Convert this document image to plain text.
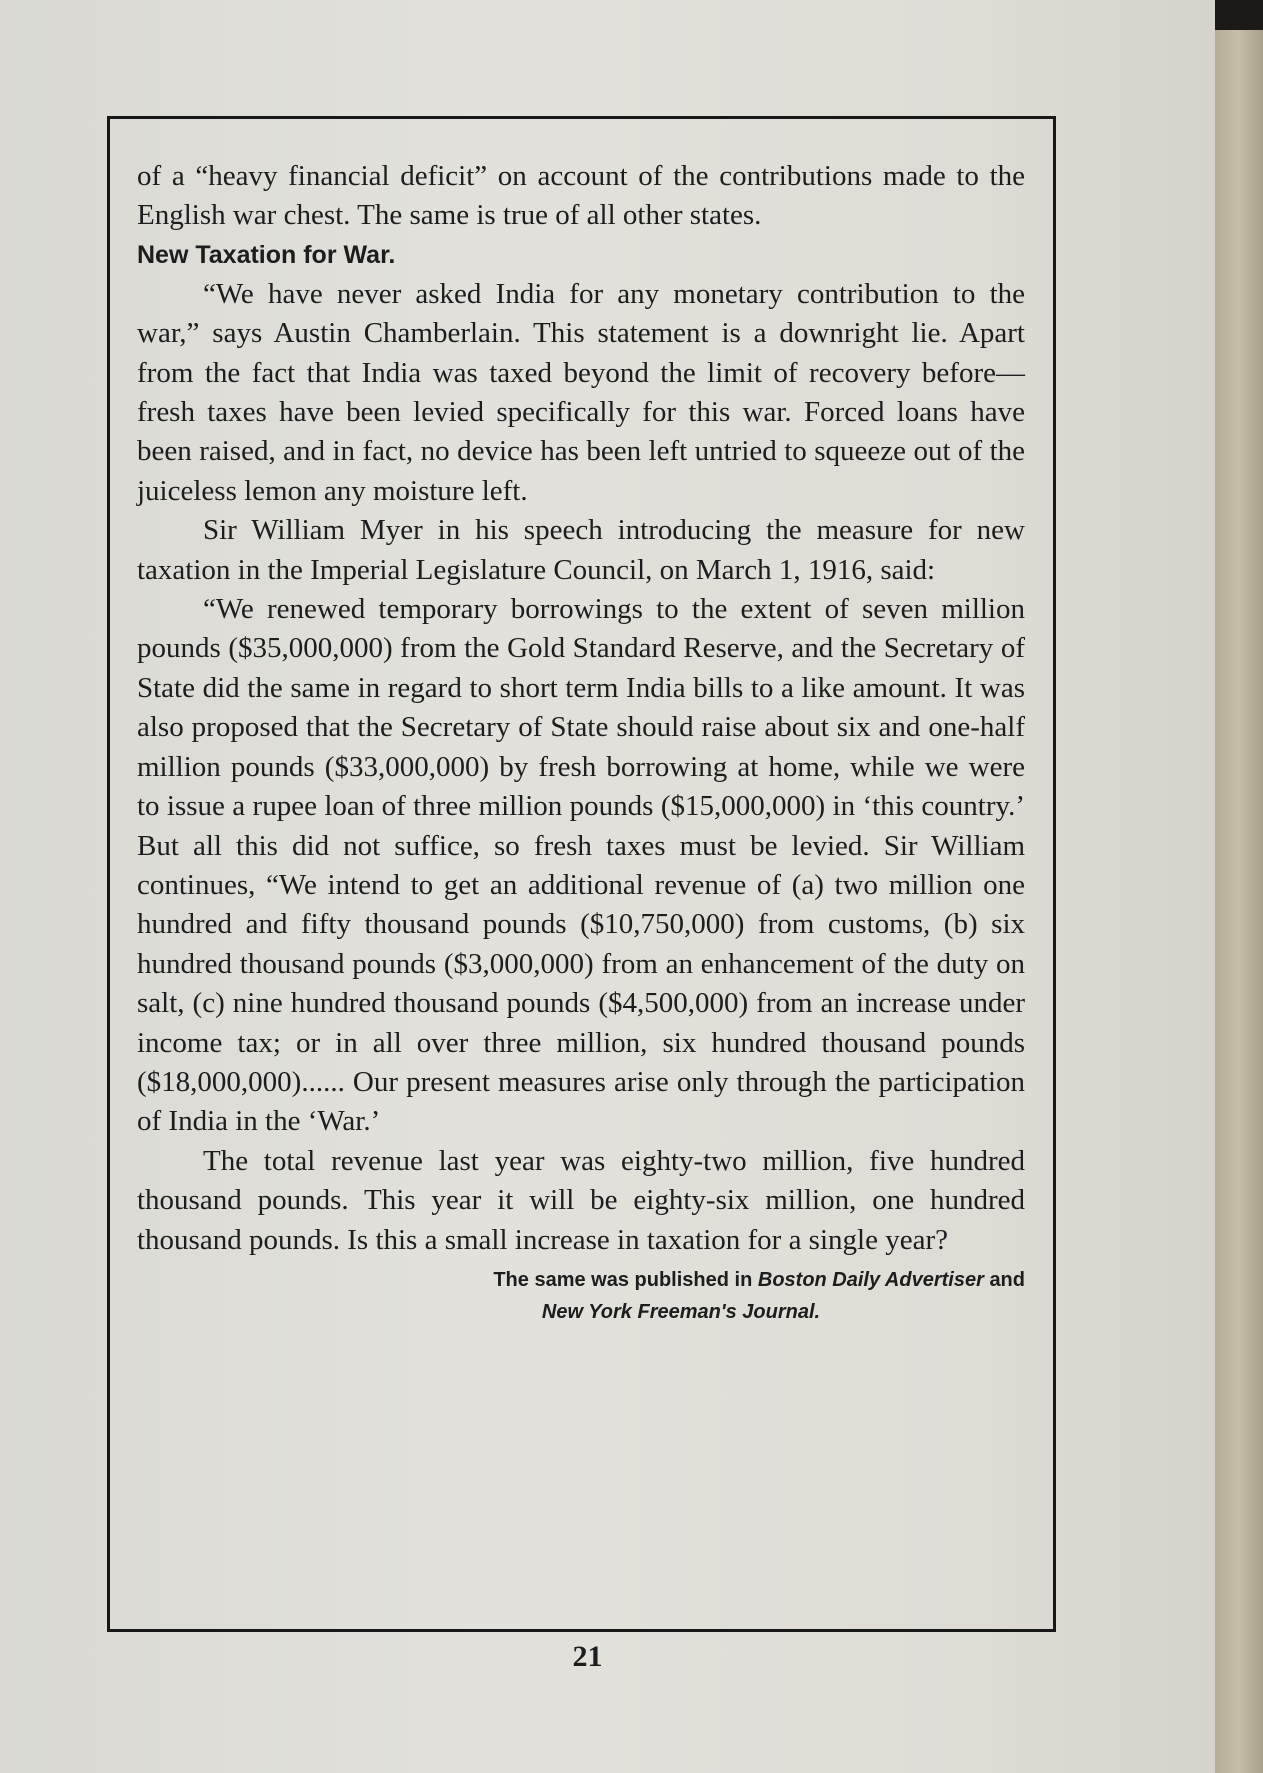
of a “heavy financial deficit” on account of the contributions made to the English war chest. The same is true of all other states.

New Taxation for War.

“We have never asked India for any monetary contribution to the war,” says Austin Chamberlain. This statement is a downright lie. Apart from the fact that India was taxed beyond the limit of recovery before—fresh taxes have been levied specifically for this war. Forced loans have been raised, and in fact, no device has been left untried to squeeze out of the juiceless lemon any moisture left.

Sir William Myer in his speech introducing the measure for new taxation in the Imperial Legislature Council, on March 1, 1916, said:

“We renewed temporary borrowings to the extent of seven million pounds ($35,000,000) from the Gold Standard Reserve, and the Secretary of State did the same in regard to short term India bills to a like amount. It was also proposed that the Secretary of State should raise about six and one-half million pounds ($33,000,000) by fresh borrowing at home, while we were to issue a rupee loan of three million pounds ($15,000,000) in ‘this country.’ But all this did not suffice, so fresh taxes must be levied. Sir William continues, “We intend to get an additional revenue of (a) two million one hundred and fifty thousand pounds ($10,750,000) from customs, (b) six hundred thousand pounds ($3,000,000) from an enhancement of the duty on salt, (c) nine hundred thousand pounds ($4,500,000) from an increase under income tax; or in all over three million, six hundred thousand pounds ($18,000,000)...... Our present measures arise only through the participation of India in the ‘War.’

The total revenue last year was eighty-two million, five hundred thousand pounds. This year it will be eighty-six million, one hundred thousand pounds. Is this a small increase in taxation for a single year?

The same was published in Boston Daily Advertiser and
New York Freeman's Journal.
21
